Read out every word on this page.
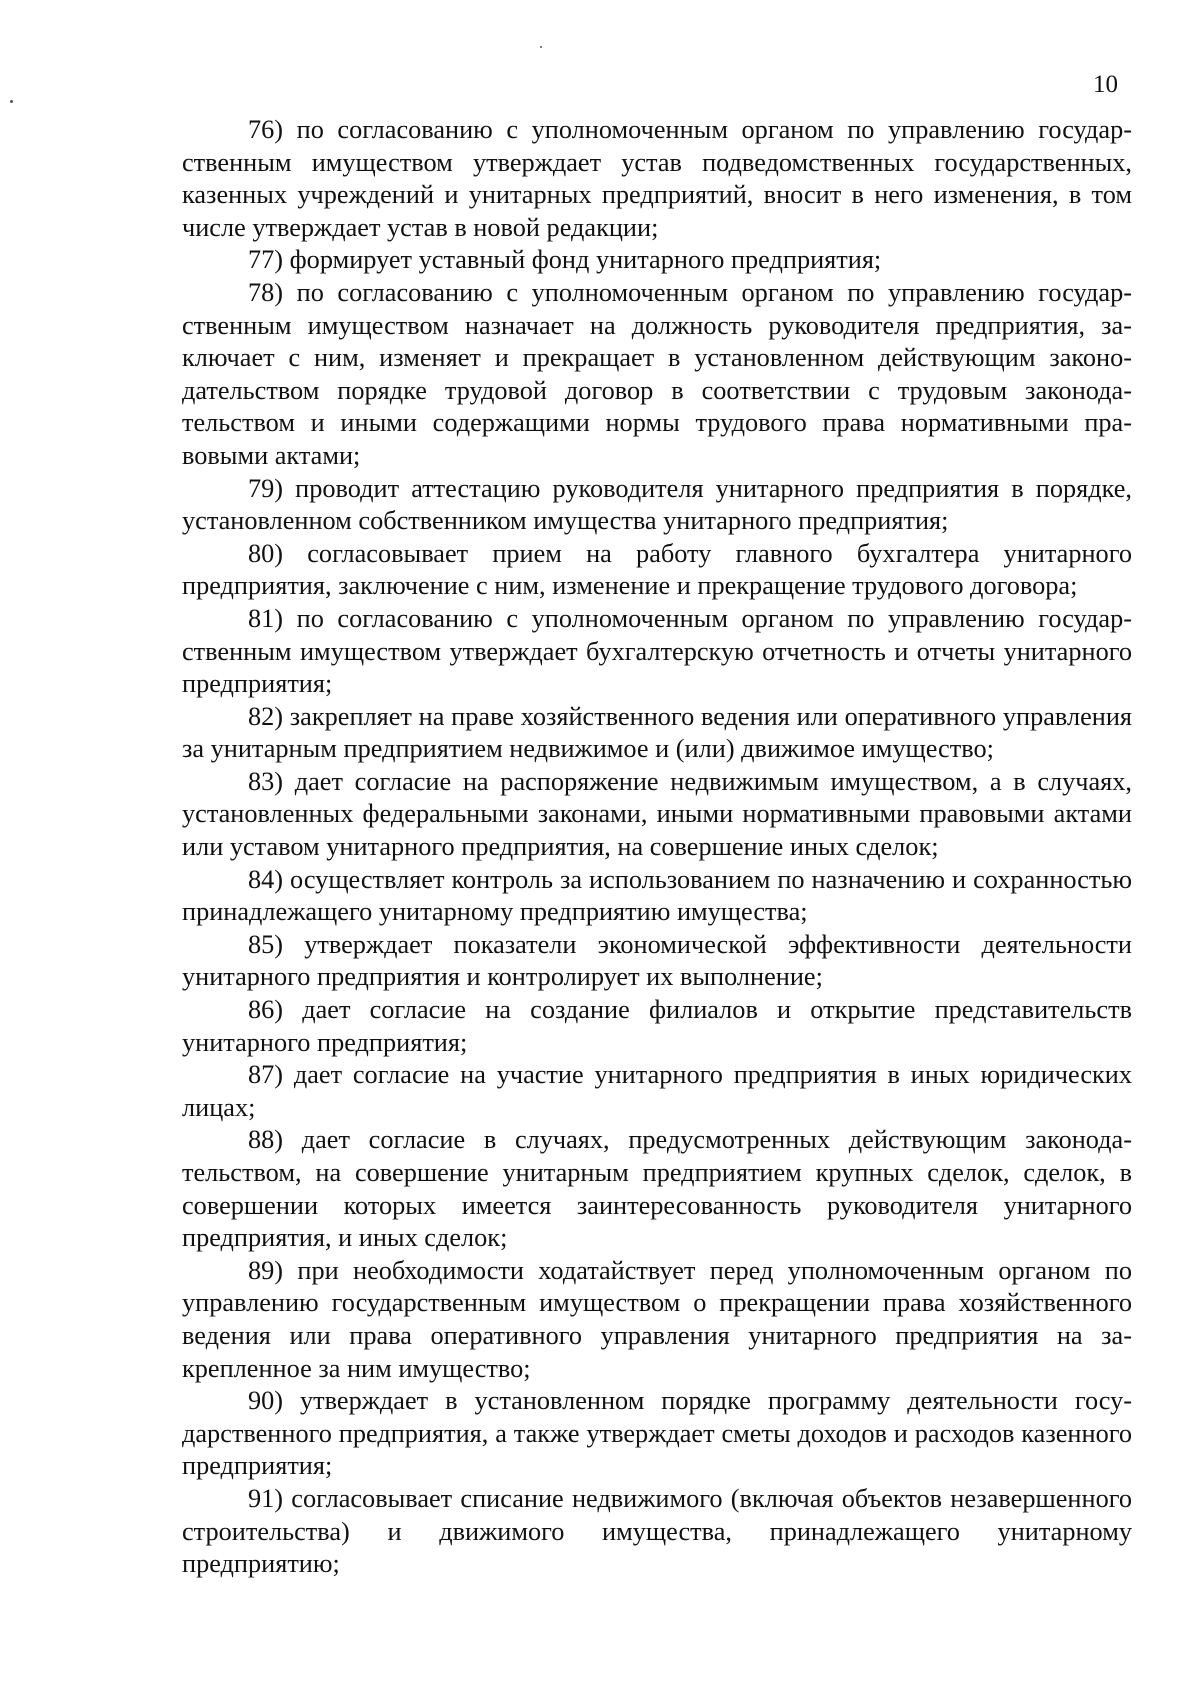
10

76) по согласованию с уполномоченным органом по управлению государственным имуществом утверждает устав подведомственных государственных, казенных учреждений и унитарных предприятий, вносит в него изменения, в том числе утверждает устав в новой редакции;

77) формирует уставный фонд унитарного предприятия;

78) по согласованию с уполномоченным органом по управлению государственным имуществом назначает на должность руководителя предприятия, заключает с ним, изменяет и прекращает в установленном действующим законодательством порядке трудовой договор в соответствии с трудовым законодательством и иными содержащими нормы трудового права нормативными правовыми актами;

79) проводит аттестацию руководителя унитарного предприятия в порядке, установленном собственником имущества унитарного предприятия;

80) согласовывает прием на работу главного бухгалтера унитарного предприятия, заключение с ним, изменение и прекращение трудового договора;

81) по согласованию с уполномоченным органом по управлению государственным имуществом утверждает бухгалтерскую отчетность и отчеты унитарного предприятия;

82) закрепляет на праве хозяйственного ведения или оперативного управления за унитарным предприятием недвижимое и (или) движимое имущество;

83) дает согласие на распоряжение недвижимым имуществом, а в случаях, установленных федеральными законами, иными нормативными правовыми актами или уставом унитарного предприятия, на совершение иных сделок;

84) осуществляет контроль за использованием по назначению и сохранностью принадлежащего унитарному предприятию имущества;

85) утверждает показатели экономической эффективности деятельности унитарного предприятия и контролирует их выполнение;

86) дает согласие на создание филиалов и открытие представительств унитарного предприятия;

87) дает согласие на участие унитарного предприятия в иных юридических лицах;

88) дает согласие в случаях, предусмотренных действующим законодательством, на совершение унитарным предприятием крупных сделок, сделок, в совершении которых имеется заинтересованность руководителя унитарного предприятия, и иных сделок;

89) при необходимости ходатайствует перед уполномоченным органом по управлению государственным имуществом о прекращении права хозяйственного ведения или права оперативного управления унитарного предприятия на закрепленное за ним имущество;

90) утверждает в установленном порядке программу деятельности государственного предприятия, а также утверждает сметы доходов и расходов казенного предприятия;

91) согласовывает списание недвижимого (включая объектов незавершенного строительства) и движимого имущества, принадлежащего унитарному предприятию;
